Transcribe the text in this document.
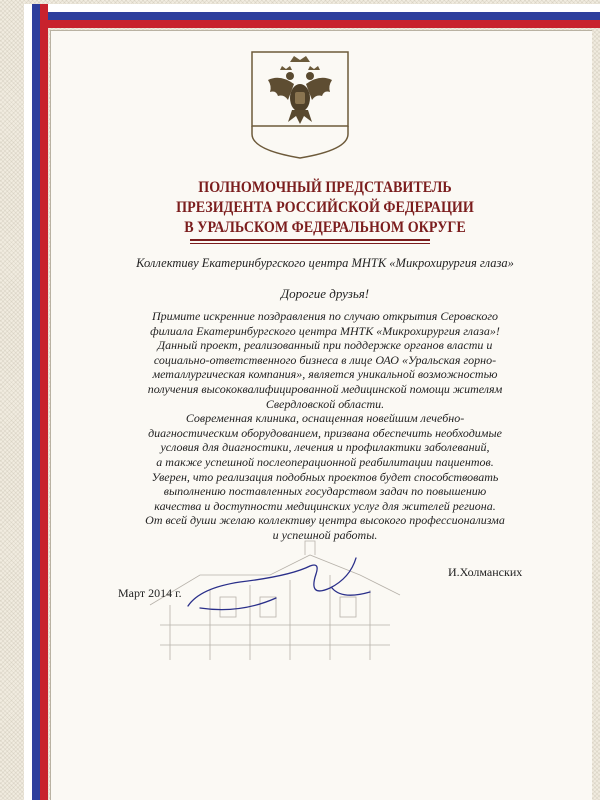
ПОЛНОМОЧНЫЙ ПРЕДСТАВИТЕЛЬ
ПРЕЗИДЕНТА РОССИЙСКОЙ ФЕДЕРАЦИИ
В УРАЛЬСКОМ ФЕДЕРАЛЬНОМ ОКРУГЕ
Коллективу Екатеринбургского центра МНТК «Микрохирургия глаза»
Дорогие друзья!
Примите искренние поздравления по случаю открытия Серовского
филиала Екатеринбургского центра МНТК «Микрохирургия глаза»!
Данный проект, реализованный при поддержке органов власти и
социально-ответственного бизнеса в лице ОАО «Уральская горно-
металлургическая компания», является уникальной возможностью
получения высококвалифицированной медицинской помощи жителям
Свердловской области.
Современная клиника, оснащенная новейшим лечебно-
диагностическим оборудованием, призвана обеспечить необходимые
условия для диагностики, лечения и профилактики заболеваний,
а также успешной послеоперационной реабилитации пациентов.
Уверен, что реализация подобных проектов будет способствовать
выполнению поставленных государством задач по повышению
качества и доступности медицинских услуг для жителей региона.
От всей души желаю коллективу центра высокого профессионализма
и успешной работы.
Март 2014 г.
И.Холманских
